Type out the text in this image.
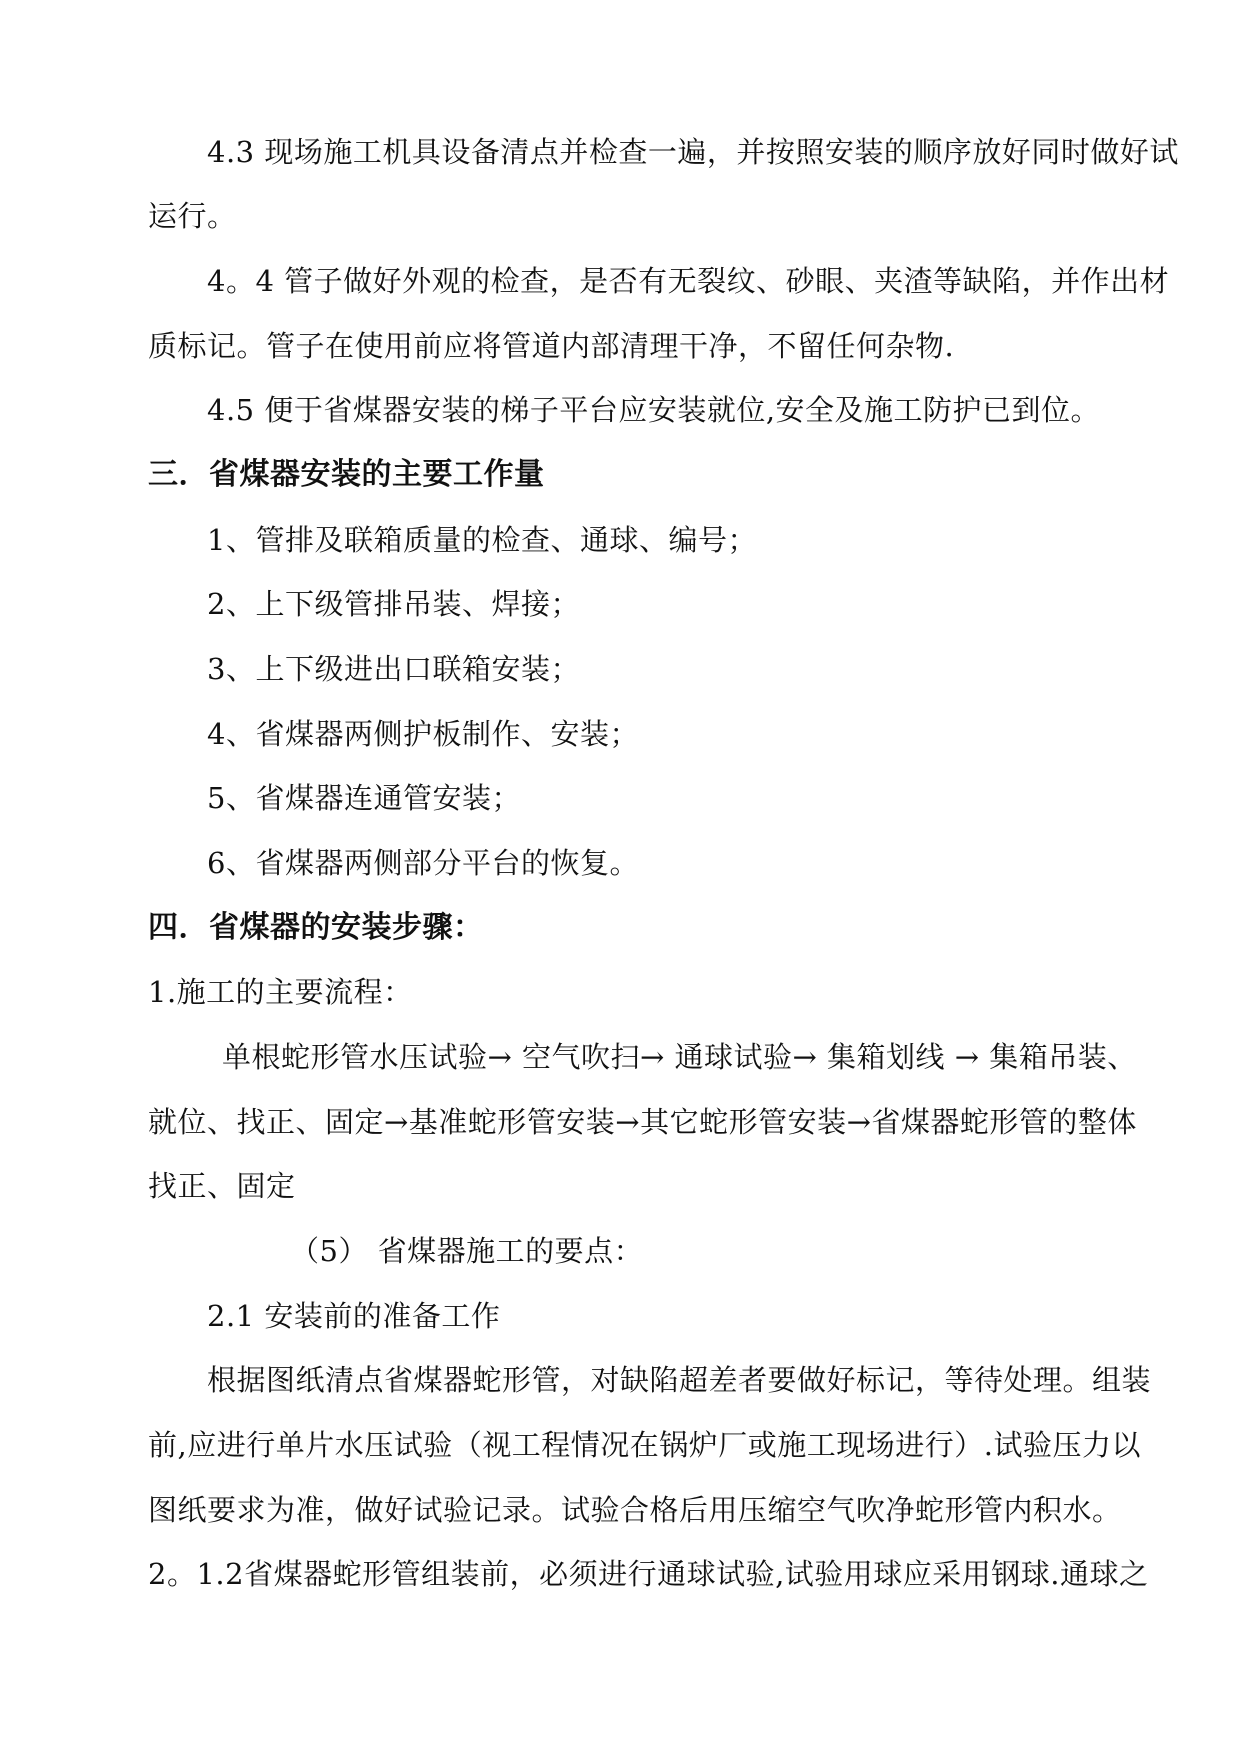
4.3 现场施工机具设备清点并检查一遍，并按照安装的顺序放好同时做好试
运行。
4。4 管子做好外观的检查，是否有无裂纹、砂眼、夹渣等缺陷，并作出材
质标记。管子在使用前应将管道内部清理干净，不留任何杂物.
4.5 便于省煤器安装的梯子平台应安装就位,安全及施工防护已到位。
三．省煤器安装的主要工作量
1、管排及联箱质量的检查、通球、编号；
2、上下级管排吊装、焊接；
3、上下级进出口联箱安装；
4、省煤器两侧护板制作、安装；
5、省煤器连通管安装；
6、省煤器两侧部分平台的恢复。
四．省煤器的安装步骤：
1.施工的主要流程：
单根蛇形管水压试验→ 空气吹扫→ 通球试验→ 集箱划线 → 集箱吊装、
就位、找正、固定→基准蛇形管安装→其它蛇形管安装→省煤器蛇形管的整体
找正、固定
（5） 省煤器施工的要点：
2.1 安装前的准备工作
根据图纸清点省煤器蛇形管，对缺陷超差者要做好标记，等待处理。组装
前,应进行单片水压试验（视工程情况在锅炉厂或施工现场进行）.试验压力以
图纸要求为准，做好试验记录。试验合格后用压缩空气吹净蛇形管内积水。
2。1.2省煤器蛇形管组装前，必须进行通球试验,试验用球应采用钢球.通球之
